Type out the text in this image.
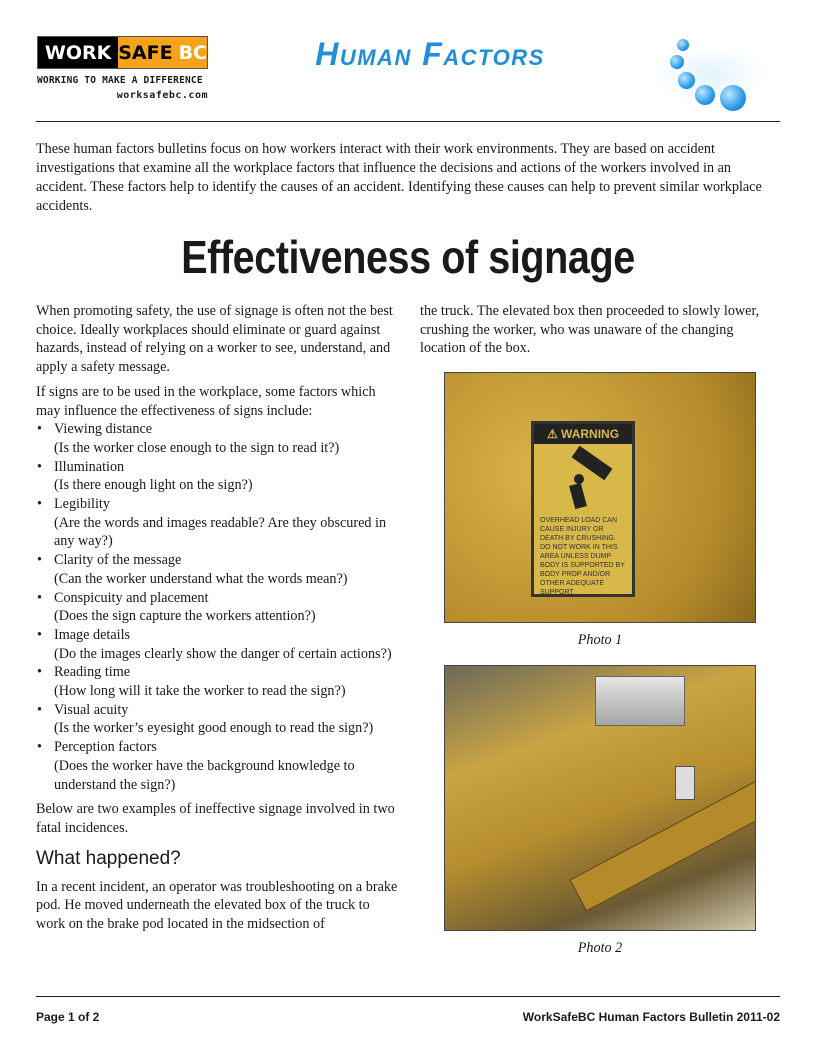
WORK SAFE BC
WORKING TO MAKE A DIFFERENCE
worksafebc.com
Human Factors

These human factors bulletins focus on how workers interact with their work environments. They are based on accident investigations that examine all the workplace factors that influence the decisions and actions of the workers involved in an accident. These factors help to identify the causes of an accident. Identifying these causes can help to prevent similar workplace accidents.

Effectiveness of signage

When promoting safety, the use of signage is often not the best choice. Ideally workplaces should eliminate or guard against hazards, instead of relying on a worker to see, understand, and apply a safety message.

If signs are to be used in the workplace, some factors which may influence the effectiveness of signs include:

• Viewing distance
(Is the worker close enough to the sign to read it?)
• Illumination
(Is there enough light on the sign?)
• Legibility
(Are the words and images readable? Are they obscured in any way?)
• Clarity of the message
(Can the worker understand what the words mean?)
• Conspicuity and placement
(Does the sign capture the workers attention?)
• Image details
(Do the images clearly show the danger of certain actions?)
• Reading time
(How long will it take the worker to read the sign?)
• Visual acuity
(Is the worker’s eyesight good enough to read the sign?)
• Perception factors
(Does the worker have the background knowledge to understand the sign?)

Below are two examples of ineffective signage involved in two fatal incidences.

What happened?

In a recent incident, an operator was troubleshooting on a brake pod. He moved underneath the elevated box of the truck to work on the brake pod located in the midsection of

the truck. The elevated box then proceeded to slowly lower, crushing the worker, who was unaware of the changing location of the box.

⚠ WARNING
OVERHEAD LOAD CAN CAUSE INJURY OR DEATH BY CRUSHING. DO NOT WORK IN THIS AREA UNLESS DUMP BODY IS SUPPORTED BY BODY PROP AND/OR OTHER ADEQUATE SUPPORT
Photo 1
Photo 2
Page 1 of 2	WorkSafeBC Human Factors Bulletin 2011-02
